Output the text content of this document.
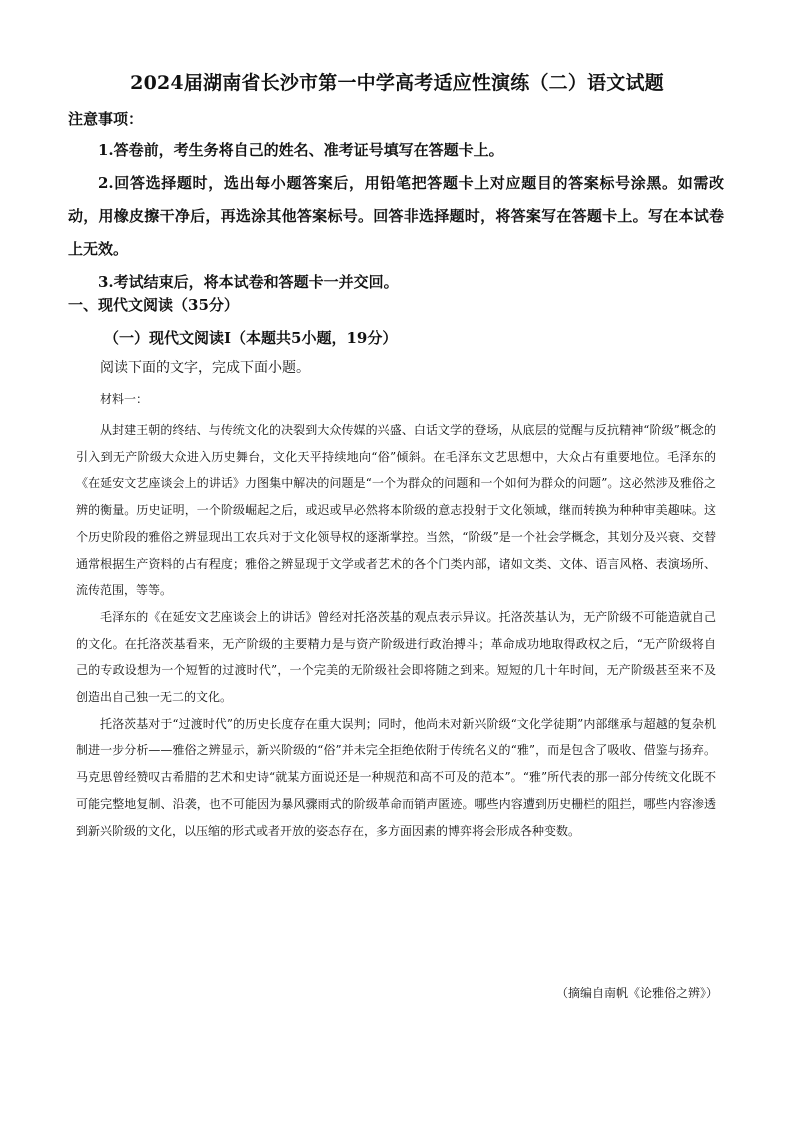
2024届湖南省长沙市第一中学高考适应性演练（二）语文试题
注意事项：

1.答卷前，考生务将自己的姓名、准考证号填写在答题卡上。

2.回答选择题时，选出每小题答案后，用铅笔把答题卡上对应题目的答案标号涂黑。如需改动，用橡皮擦干净后，再选涂其他答案标号。回答非选择题时，将答案写在答题卡上。写在本试卷上无效。

3.考试结束后，将本试卷和答题卡一并交回。

一、现代文阅读（35分）
（一）现代文阅读Ⅰ（本题共5小题，19分）
阅读下面的文字，完成下面小题。
材料一：

从封建王朝的终结、与传统文化的决裂到大众传媒的兴盛、白话文学的登场，从底层的觉醒与反抗精神“阶级”概念的引入到无产阶级大众进入历史舞台，文化天平持续地向“俗”倾斜。在毛泽东文艺思想中，大众占有重要地位。毛泽东的《在延安文艺座谈会上的讲话》力图集中解决的问题是“一个为群众的问题和一个如何为群众的问题”。这必然涉及雅俗之辨的衡量。历史证明，一个阶级崛起之后，或迟或早必然将本阶级的意志投射于文化领域，继而转换为种种审美趣味。这个历史阶段的雅俗之辨显现出工农兵对于文化领导权的逐渐掌控。当然，“阶级”是一个社会学概念，其划分及兴衰、交替通常根据生产资料的占有程度；雅俗之辨显现于文学或者艺术的各个门类内部，诸如文类、文体、语言风格、表演场所、流传范围，等等。

毛泽东的《在延安文艺座谈会上的讲话》曾经对托洛茨基的观点表示异议。托洛茨基认为，无产阶级不可能造就自己的文化。在托洛茨基看来，无产阶级的主要精力是与资产阶级进行政治搏斗；革命成功地取得政权之后，“无产阶级将自己的专政设想为一个短暂的过渡时代”，一个完美的无阶级社会即将随之到来。短短的几十年时间，无产阶级甚至来不及创造出自己独一无二的文化。

托洛茨基对于“过渡时代”的历史长度存在重大误判；同时，他尚未对新兴阶级“文化学徒期”内部继承与超越的复杂机制进一步分析——雅俗之辨显示，新兴阶级的“俗”并未完全拒绝依附于传统名义的“雅”，而是包含了吸收、借鉴与扬弃。马克思曾经赞叹古希腊的艺术和史诗“就某方面说还是一种规范和高不可及的范本”。“雅”所代表的那一部分传统文化既不可能完整地复制、沿袭，也不可能因为暴风骤雨式的阶级革命而销声匿迹。哪些内容遭到历史栅栏的阻拦，哪些内容渗透到新兴阶级的文化，以压缩的形式或者开放的姿态存在，多方面因素的博弈将会形成各种变数。

（摘编自南帆《论雅俗之辨》）
